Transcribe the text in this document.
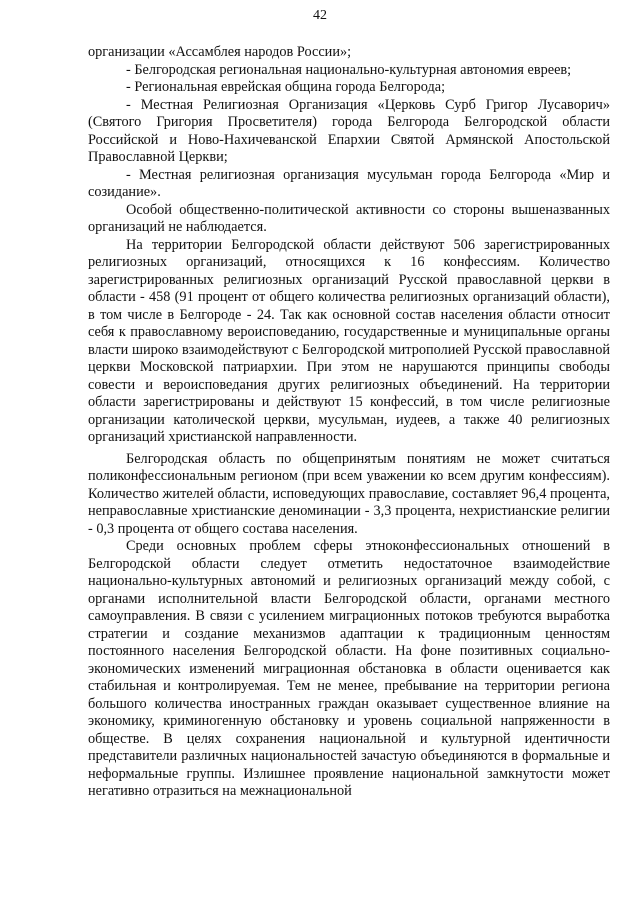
42

организации «Ассамблея народов России»;

- Белгородская региональная национально-культурная автономия евреев;

- Региональная еврейская община города Белгорода;

- Местная Религиозная Организация «Церковь Сурб Григор Лусаворич» (Святого Григория Просветителя) города Белгорода Белгородской области Российской и Ново-Нахичеванской Епархии Святой Армянской Апостольской Православной Церкви;

- Местная религиозная организация мусульман города Белгорода «Мир и созидание».

Особой общественно-политической активности со стороны вышеназванных организаций не наблюдается.

На территории Белгородской области действуют 506 зарегистрированных религиозных организаций, относящихся к 16 конфессиям. Количество зарегистрированных религиозных организаций Русской православной церкви в области - 458 (91 процент от общего количества религиозных организаций области), в том числе в Белгороде - 24. Так как основной состав населения области относит себя к православному вероисповеданию, государственные и муниципальные органы власти широко взаимодействуют с Белгородской митрополией Русской православной церкви Московской патриархии. При этом не нарушаются принципы свободы совести и вероисповедания других религиозных объединений. На территории области зарегистрированы и действуют 15 конфессий, в том числе религиозные организации католической церкви, мусульман, иудеев, а также 40 религиозных организаций христианской направленности.

Белгородская область по общепринятым понятиям не может считаться поликонфессиональным регионом (при всем уважении ко всем другим конфессиям). Количество жителей области, исповедующих православие, составляет 96,4 процента, неправославные христианские деноминации - 3,3 процента, нехристианские религии - 0,3 процента от общего состава населения.

Среди основных проблем сферы этноконфессиональных отношений в Белгородской области следует отметить недостаточное взаимодействие национально-культурных автономий и религиозных организаций между собой, с органами исполнительной власти Белгородской области, органами местного самоуправления. В связи с усилением миграционных потоков требуются выработка стратегии и создание механизмов адаптации к традиционным ценностям постоянного населения Белгородской области. На фоне позитивных социально-экономических изменений миграционная обстановка в области оценивается как стабильная и контролируемая. Тем не менее, пребывание на территории региона большого количества иностранных граждан оказывает существенное влияние на экономику, криминогенную обстановку и уровень социальной напряженности в обществе. В целях сохранения национальной и культурной идентичности представители различных национальностей зачастую объединяются в формальные и неформальные группы. Излишнее проявление национальной замкнутости может негативно отразиться на межнациональной
